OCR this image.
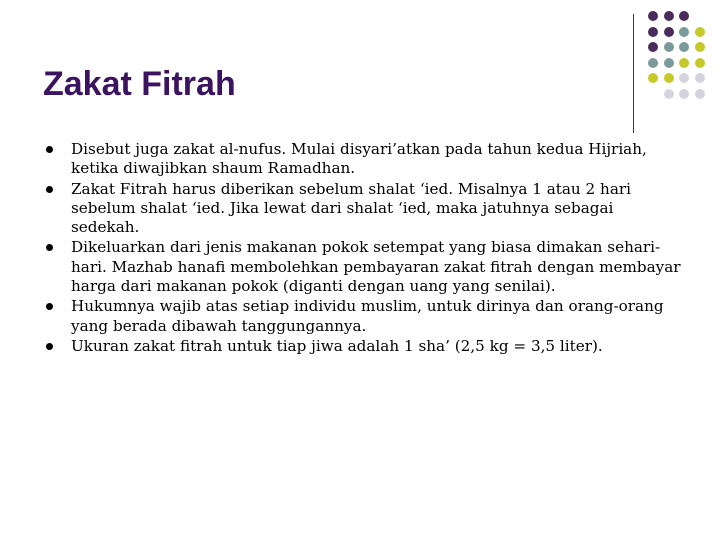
Zakat Fitrah
Disebut juga zakat al-nufus. Mulai disyari’atkan pada tahun kedua Hijriah, ketika diwajibkan shaum Ramadhan.
Zakat Fitrah harus diberikan sebelum shalat ‘ied. Misalnya 1 atau 2 hari sebelum shalat ‘ied. Jika lewat dari shalat ‘ied, maka jatuhnya sebagai sedekah.
Dikeluarkan dari jenis makanan pokok setempat yang biasa dimakan sehari-hari. Mazhab hanafi membolehkan pembayaran zakat fitrah dengan membayar harga dari makanan pokok (diganti dengan uang yang senilai).
Hukumnya wajib atas setiap individu muslim, untuk dirinya dan orang-orang yang berada dibawah tanggungannya.
Ukuran zakat fitrah untuk tiap jiwa adalah 1 sha’ (2,5 kg = 3,5 liter).
